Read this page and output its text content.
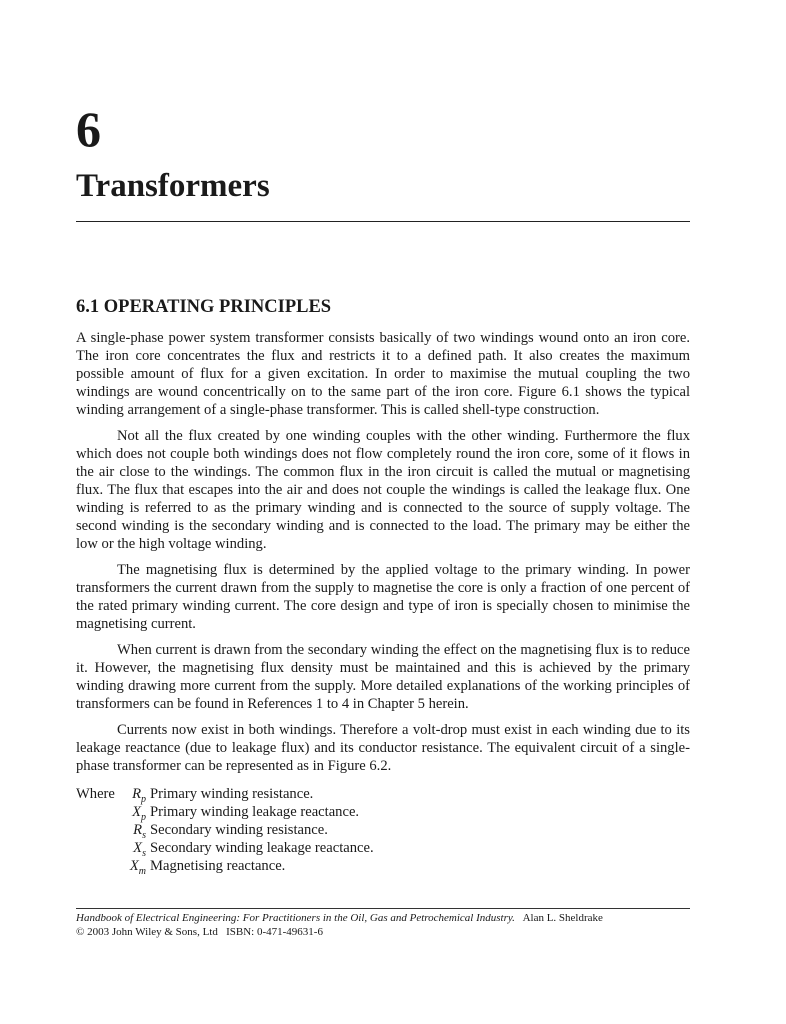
6
Transformers
6.1 OPERATING PRINCIPLES

A single-phase power system transformer consists basically of two windings wound onto an iron core. The iron core concentrates the flux and restricts it to a defined path. It also creates the maximum possible amount of flux for a given excitation. In order to maximise the mutual coupling the two windings are wound concentrically on to the same part of the iron core. Figure 6.1 shows the typical winding arrangement of a single-phase transformer. This is called shell-type construction.

Not all the flux created by one winding couples with the other winding. Furthermore the flux which does not couple both windings does not flow completely round the iron core, some of it flows in the air close to the windings. The common flux in the iron circuit is called the mutual or magnetising flux. The flux that escapes into the air and does not couple the windings is called the leakage flux. One winding is referred to as the primary winding and is connected to the source of supply voltage. The second winding is the secondary winding and is connected to the load. The primary may be either the low or the high voltage winding.

The magnetising flux is determined by the applied voltage to the primary winding. In power transformers the current drawn from the supply to magnetise the core is only a fraction of one percent of the rated primary winding current. The core design and type of iron is specially chosen to minimise the magnetising current.

When current is drawn from the secondary winding the effect on the magnetising flux is to reduce it. However, the magnetising flux density must be maintained and this is achieved by the primary winding drawing more current from the supply. More detailed explanations of the working principles of transformers can be found in References 1 to 4 in Chapter 5 herein.

Currents now exist in both windings. Therefore a volt-drop must exist in each winding due to its leakage reactance (due to leakage flux) and its conductor resistance. The equivalent circuit of a single-phase transformer can be represented as in Figure 6.2.

Where	$R_p$ Primary winding resistance.
$X_p$ Primary winding leakage reactance.
$R_s$ Secondary winding resistance.
$X_s$ Secondary winding leakage reactance.
$X_m$ Magnetising reactance.
Handbook of Electrical Engineering: For Practitioners in the Oil, Gas and Petrochemical Industry. Alan L. Sheldrake
© 2003 John Wiley & Sons, Ltd ISBN: 0-471-49631-6
